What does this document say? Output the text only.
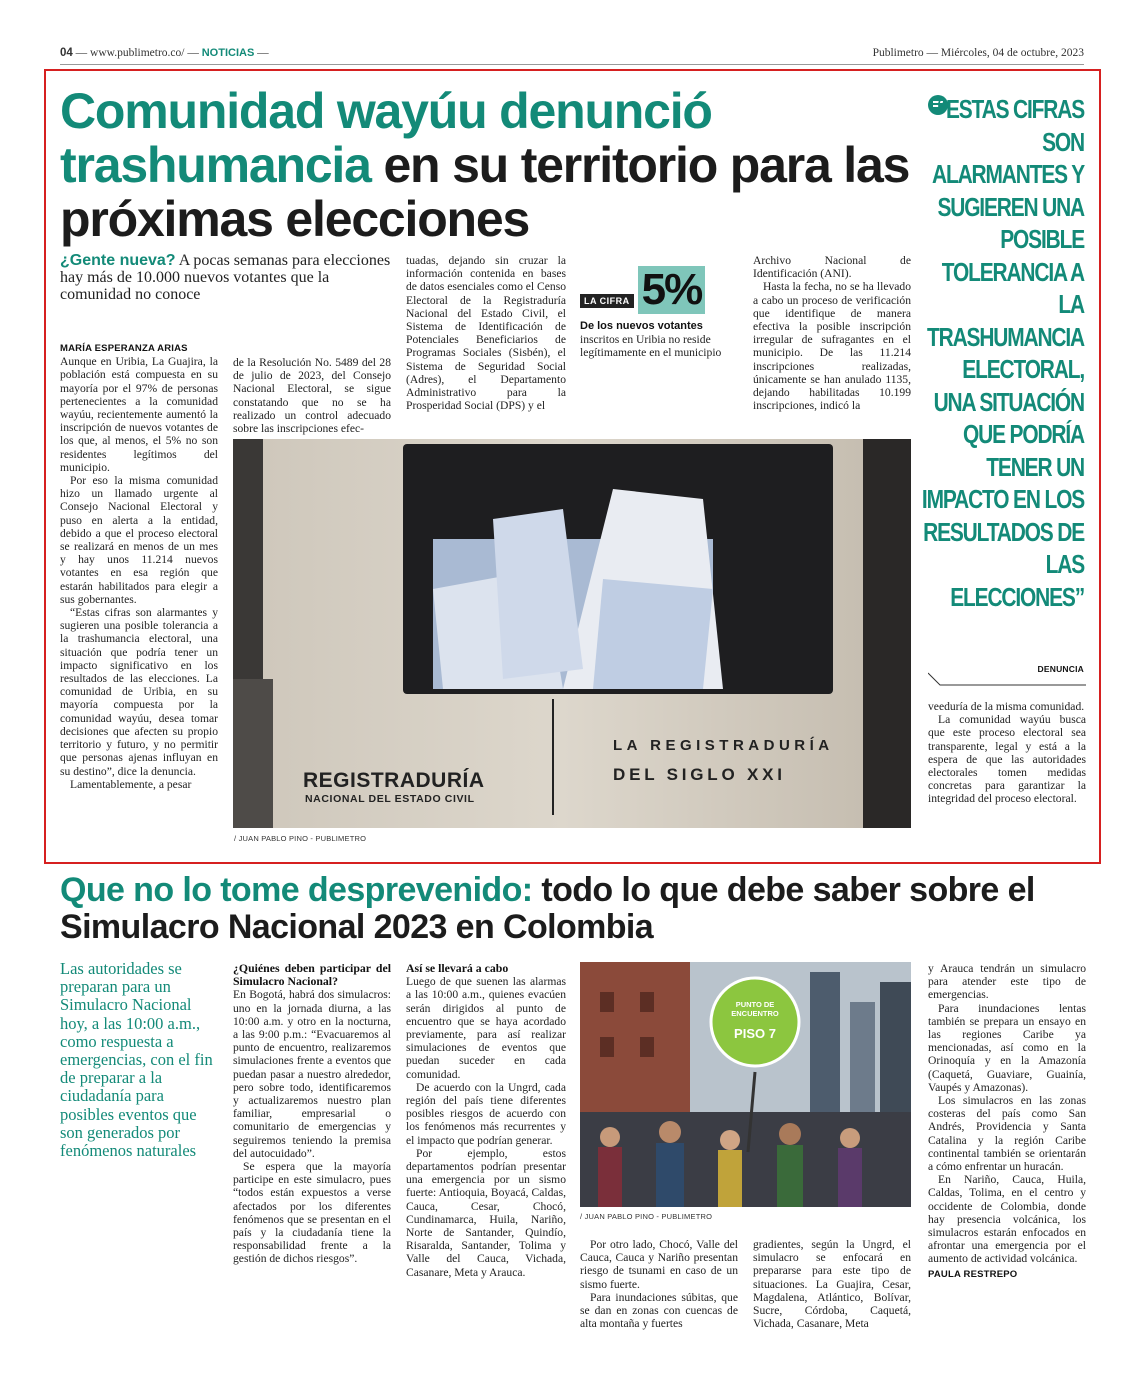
04 — www.publimetro.co/ — NOTICIAS —	Publimetro — Miércoles, 04 de octubre, 2023
Comunidad wayúu denunció trashumancia en su territorio para las próximas elecciones
¿Gente nueva? A pocas semanas para elecciones hay más de 10.000 nuevos votantes que la comunidad no conoce
MARÍA ESPERANZA ARIAS

Aunque en Uribia, La Guajira, la población está compuesta en su mayoría por el 97% de personas pertenecientes a la comunidad wayúu, recientemente aumentó la inscripción de nuevos votantes de los que, al menos, el 5% no son residentes legítimos del municipio.

Por eso la misma comunidad hizo un llamado urgente al Consejo Nacional Electoral y puso en alerta a la entidad, debido a que el proceso electoral se realizará en menos de un mes y hay unos 11.214 nuevos votantes en esa región que estarán habilitados para elegir a sus gobernantes.

“Estas cifras son alarmantes y sugieren una posible tolerancia a la trashumancia electoral, una situación que podría tener un impacto significativo en los resultados de las elecciones. La comunidad de Uribia, en su mayoría compuesta por la comunidad wayúu, desea tomar decisiones que afecten su propio territorio y futuro, y no permitir que personas ajenas influyan en su destino”, dice la denuncia.

Lamentablemente, a pesar

de la Resolución No. 5489 del 28 de julio de 2023, del Consejo Nacional Electoral, se sigue constatando que no se ha realizado un control adecuado sobre las inscripciones efec-

tuadas, dejando sin cruzar la información contenida en bases de datos esenciales como el Censo Electoral de la Registraduría Nacional del Estado Civil, el Sistema de Identificación de Potenciales Beneficiarios de Programas Sociales (Sisbén), el Sistema de Seguridad Social (Adres), el Departamento Administrativo para la Prosperidad Social (DPS) y el

LA CIFRA 5%
De los nuevos votantes
inscritos en Uribia no reside legítimamente en el municipio

Archivo Nacional de Identificación (ANI).

Hasta la fecha, no se ha llevado a cabo un proceso de verificación que identifique de manera efectiva la posible inscripción irregular de sufragantes en el municipio. De las 11.214 inscripciones realizadas, únicamente se han anulado 1135, dejando habilitadas 10.199 inscripciones, indicó la

REGISTRADURÍA
NACIONAL DEL ESTADO CIVIL
LA REGISTRADURÍA
DEL SIGLO XXI
/ JUAN PABLO PINO - PUBLIMETRO
“ESTAS CIFRAS SON ALARMANTES Y SUGIEREN UNA POSIBLE TOLERANCIA A LA TRASHUMANCIA ELECTORAL, UNA SITUACIÓN QUE PODRÍA TENER UN IMPACTO EN LOS RESULTADOS DE LAS ELECCIONES”
DENUNCIA

veeduría de la misma comunidad.

La comunidad wayúu busca que este proceso electoral sea transparente, legal y está a la espera de que las autoridades electorales tomen medidas concretas para garantizar la integridad del proceso electoral.

Que no lo tome desprevenido: todo lo que debe saber sobre el Simulacro Nacional 2023 en Colombia
Las autoridades se preparan para un Simulacro Nacional hoy, a las 10:00 a.m., como respuesta a emergencias, con el fin de preparar a la ciudadanía para posibles eventos que son generados por fenómenos naturales
¿Quiénes deben participar del Simulacro Nacional?

En Bogotá, habrá dos simulacros: uno en la jornada diurna, a las 10:00 a.m. y otro en la nocturna, a las 9:00 p.m.: “Evacuaremos al punto de encuentro, realizaremos simulaciones frente a eventos que puedan pasar a nuestro alrededor, pero sobre todo, identificaremos y actualizaremos nuestro plan familiar, empresarial o comunitario de emergencias y seguiremos teniendo la premisa del autocuidado”.

Se espera que la mayoría participe en este simulacro, pues “todos están expuestos a verse afectados por los diferentes fenómenos que se presentan en el país y la ciudadanía tiene la responsabilidad frente a la gestión de dichos riesgos”.

Así se llevará a cabo

Luego de que suenen las alarmas a las 10:00 a.m., quienes evacúen serán dirigidos al punto de encuentro que se haya acordado previamente, para así realizar simulaciones de eventos que puedan suceder en cada comunidad.

De acuerdo con la Ungrd, cada región del país tiene diferentes posibles riesgos de acuerdo con los fenómenos más recurrentes y el impacto que podrían generar.

Por ejemplo, estos departamentos podrían presentar una emergencia por un sismo fuerte: Antioquia, Boyacá, Caldas, Cauca, Cesar, Chocó, Cundinamarca, Huila, Nariño, Norte de Santander, Quindío, Risaralda, Santander, Tolima y Valle del Cauca, Vichada, Casanare, Meta y Arauca.

PUNTO DE ENCUENTRO
PISO 7
/ JUAN PABLO PINO - PUBLIMETRO

Por otro lado, Chocó, Valle del Cauca, Cauca y Nariño presentan riesgo de tsunami en caso de un sismo fuerte.

Para inundaciones súbitas, que se dan en zonas con cuencas de alta montaña y fuertes

gradientes, según la Ungrd, el simulacro se enfocará en prepararse para este tipo de situaciones. La Guajira, Cesar, Magdalena, Atlántico, Bolívar, Sucre, Córdoba, Caquetá, Vichada, Casanare, Meta

y Arauca tendrán un simulacro para atender este tipo de emergencias.

Para inundaciones lentas también se prepara un ensayo en las regiones Caribe ya mencionadas, así como en la Orinoquía y en la Amazonía (Caquetá, Guaviare, Guainía, Vaupés y Amazonas).

Los simulacros en las zonas costeras del país como San Andrés, Providencia y Santa Catalina y la región Caribe continental también se orientarán a cómo enfrentar un huracán.

En Nariño, Cauca, Huila, Caldas, Tolima, en el centro y occidente de Colombia, donde hay presencia volcánica, los simulacros estarán enfocados en afrontar una emergencia por el aumento de actividad volcánica.

PAULA RESTREPO
